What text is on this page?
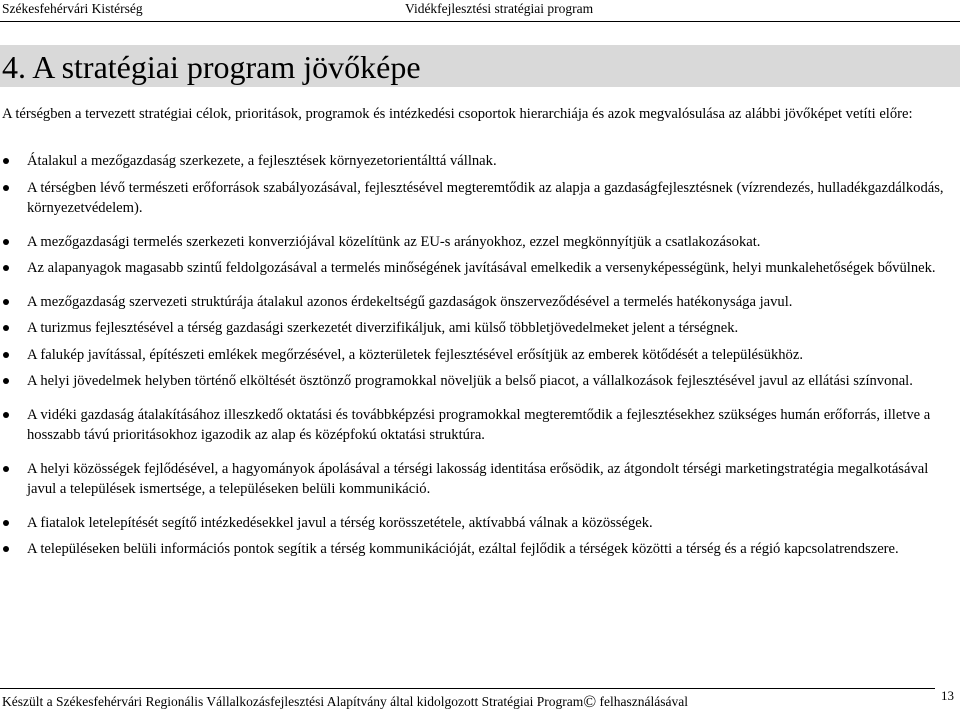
Székesfehérvári Kistérség	Vidékfejlesztési stratégiai program
4. A stratégiai program jövőképe

A térségben a tervezett stratégiai célok, prioritások, programok és intézkedési csoportok hierarchiája és azok megvalósulása az alábbi jövőképet vetíti előre:

Átalakul a mezőgazdaság szerkezete, a fejlesztések környezetorientálttá vállnak.
A térségben lévő természeti erőforrások szabályozásával, fejlesztésével megteremtődik az alapja a gazdaságfejlesztésnek (vízrendezés, hulladékgazdálkodás, környezetvédelem).
A mezőgazdasági termelés szerkezeti konverziójával közelítünk az EU-s arányokhoz, ezzel megkönnyítjük a csatlakozásokat.
Az alapanyagok magasabb szintű feldolgozásával a termelés minőségének javításával emelkedik a versenyképességünk, helyi munkalehetőségek bővülnek.
A mezőgazdaság szervezeti struktúrája átalakul azonos érdekeltségű gazdaságok önszerveződésével a termelés hatékonysága javul.
A turizmus fejlesztésével a térség gazdasági szerkezetét diverzifikáljuk, ami külső többletjövedelmeket jelent a térségnek.
A falukép javítással, építészeti emlékek megőrzésével, a közterületek fejlesztésével erősítjük az emberek kötődését a településükhöz.
A helyi jövedelmek helyben történő elköltését ösztönző programokkal növeljük a belső piacot, a vállalkozások fejlesztésével javul az ellátási színvonal.
A vidéki gazdaság átalakításához illeszkedő oktatási és továbbképzési programokkal megteremtődik a fejlesztésekhez szükséges humán erőforrás, illetve a hosszabb távú prioritásokhoz igazodik az alap és középfokú oktatási struktúra.
A helyi közösségek fejlődésével, a hagyományok ápolásával a térségi lakosság identitása erősödik, az átgondolt térségi marketingstratégia megalkotásával javul a települések ismertsége, a településeken belüli kommunikáció.
A fiatalok letelepítését segítő intézkedésekkel javul a térség korösszetétele, aktívabbá válnak a közösségek.
A településeken belüli információs pontok segítik a térség kommunikációját, ezáltal fejlődik a térségek közötti a térség és a régió kapcsolatrendszere.
Készült a Székesfehérvári Regionális Vállalkozásfejlesztési Alapítvány által kidolgozott Stratégiai Program© felhasználásával	13
